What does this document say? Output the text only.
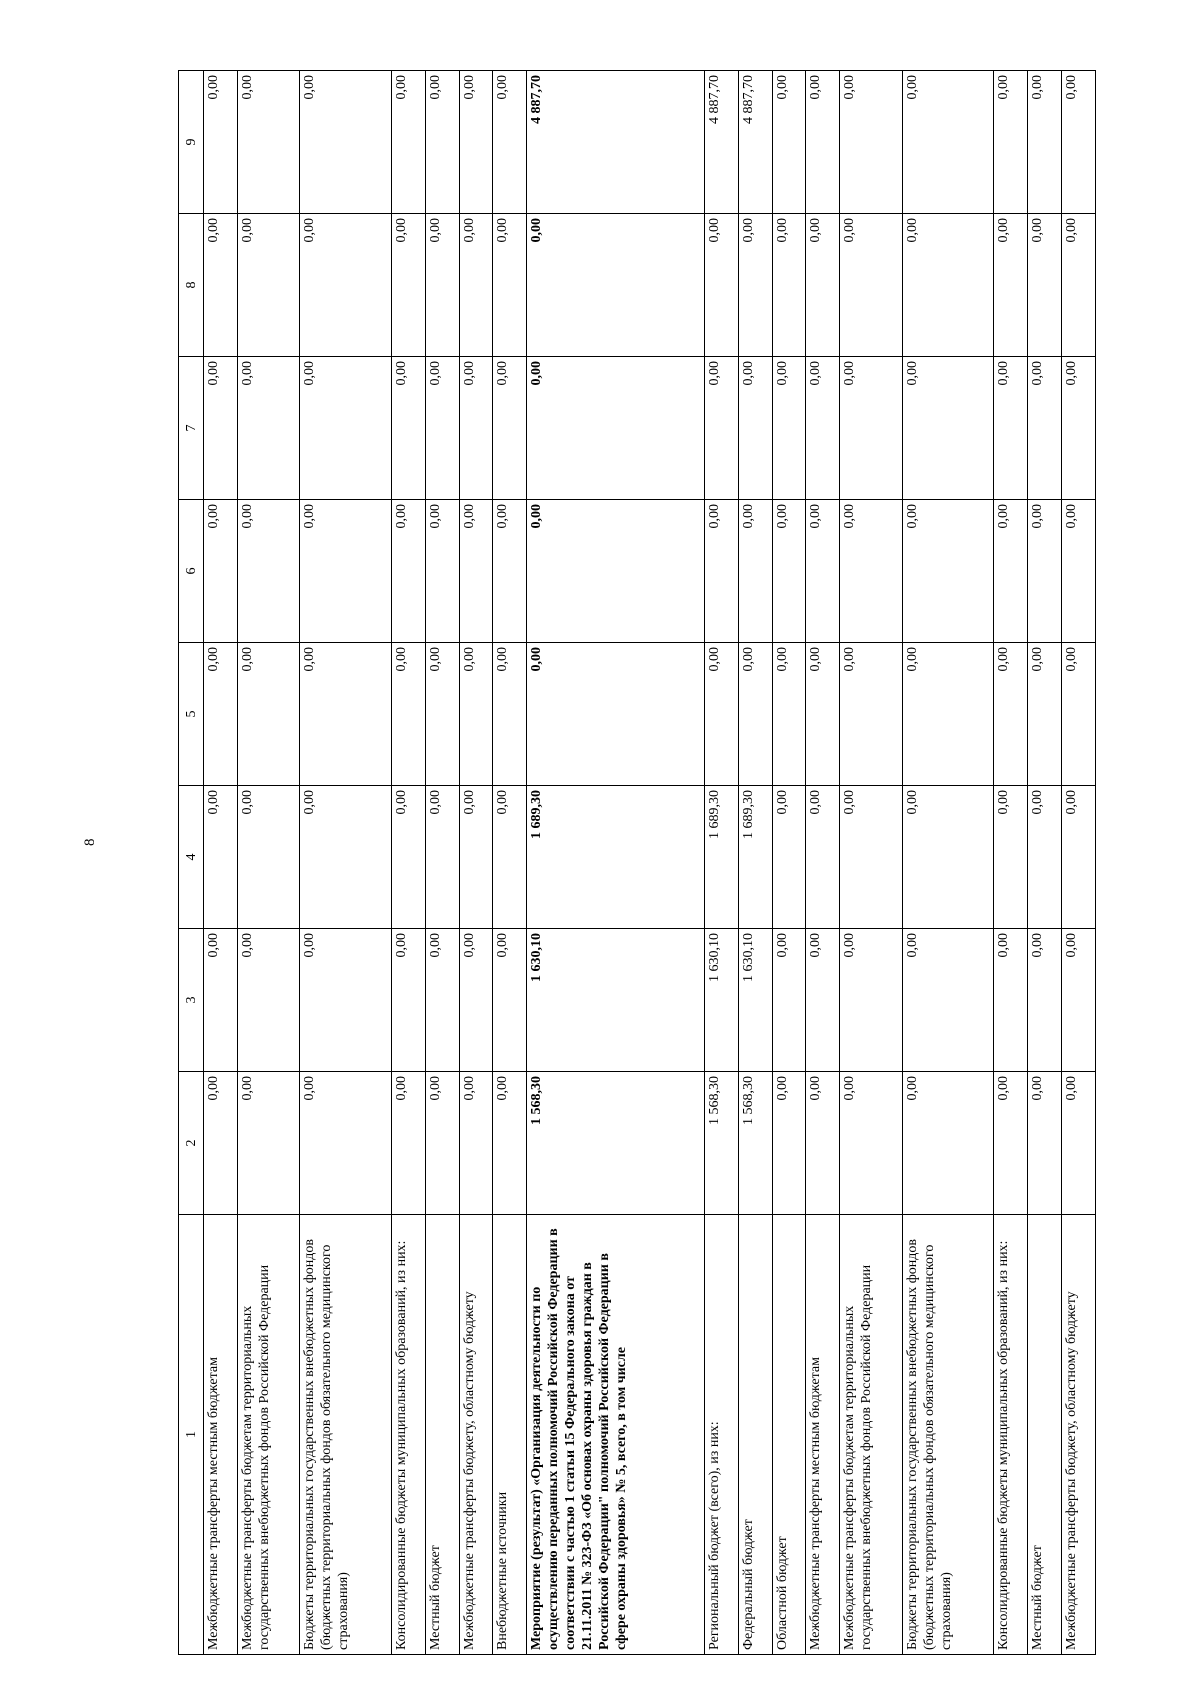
8
1	2	3	4	5	6	7	8	9
Межбюджетные трансферты местным бюджетам	0,00	0,00	0,00	0,00	0,00	0,00	0,00	0,00
Межбюджетные трансферты бюджетам территориальных государственных внебюджетных фондов Российской Федерации	0,00	0,00	0,00	0,00	0,00	0,00	0,00	0,00
Бюджеты территориальных государственных внебюджетных фондов (бюджетных территориальных фондов обязательного медицинского страхования)	0,00	0,00	0,00	0,00	0,00	0,00	0,00	0,00
Консолидированные бюджеты муниципальных образований, из них:	0,00	0,00	0,00	0,00	0,00	0,00	0,00	0,00
Местный бюджет	0,00	0,00	0,00	0,00	0,00	0,00	0,00	0,00
Межбюджетные трансферты бюджету, областному бюджету	0,00	0,00	0,00	0,00	0,00	0,00	0,00	0,00
Внебюджетные источники	0,00	0,00	0,00	0,00	0,00	0,00	0,00	0,00
Мероприятие (результат) «Организация деятельности по осуществлению переданных полномочий Российской Федерации в соответствии с частью 1 статьи 15 Федерального закона от 21.11.2011 № 323-ФЗ «Об основах охраны здоровья граждан в Российской Федерации" полномочий Российской Федерации в сфере охраны здоровья» № 5, всего, в том числе	1 568,30	1 630,10	1 689,30	0,00	0,00	0,00	0,00	4 887,70
Региональный бюджет (всего), из них:	1 568,30	1 630,10	1 689,30	0,00	0,00	0,00	0,00	4 887,70
Федеральный бюджет	1 568,30	1 630,10	1 689,30	0,00	0,00	0,00	0,00	4 887,70
Областной бюджет	0,00	0,00	0,00	0,00	0,00	0,00	0,00	0,00
Межбюджетные трансферты местным бюджетам	0,00	0,00	0,00	0,00	0,00	0,00	0,00	0,00
Межбюджетные трансферты бюджетам территориальных государственных внебюджетных фондов Российской Федерации	0,00	0,00	0,00	0,00	0,00	0,00	0,00	0,00
Бюджеты территориальных государственных внебюджетных фондов (бюджетных территориальных фондов обязательного медицинского страхования)	0,00	0,00	0,00	0,00	0,00	0,00	0,00	0,00
Консолидированные бюджеты муниципальных образований, из них:	0,00	0,00	0,00	0,00	0,00	0,00	0,00	0,00
Местный бюджет	0,00	0,00	0,00	0,00	0,00	0,00	0,00	0,00
Межбюджетные трансферты бюджету, областному бюджету	0,00	0,00	0,00	0,00	0,00	0,00	0,00	0,00
